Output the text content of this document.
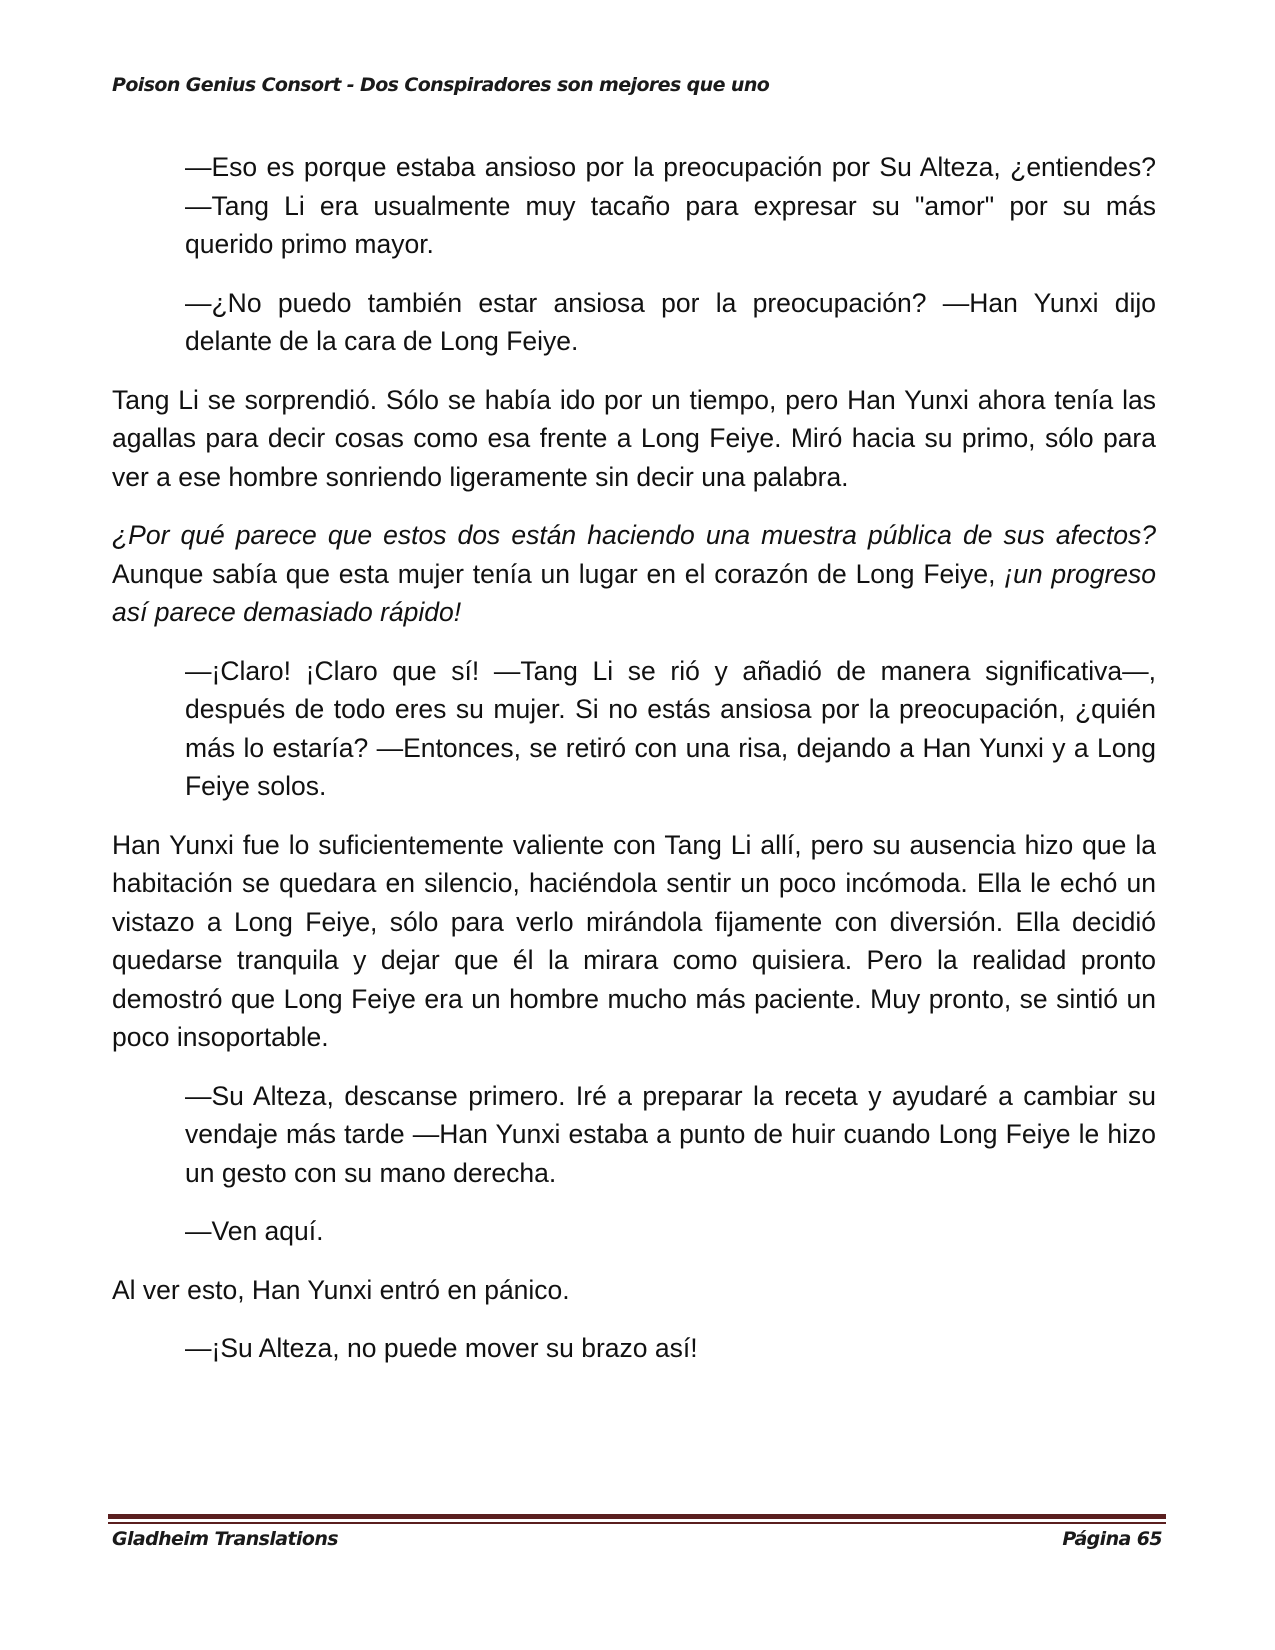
Poison Genius Consort - Dos Conspiradores son mejores que uno

—Eso es porque estaba ansioso por la preocupación por Su Alteza, ¿entiendes? —Tang Li era usualmente muy tacaño para expresar su "amor" por su más querido primo mayor.

—¿No puedo también estar ansiosa por la preocupación? —Han Yunxi dijo delante de la cara de Long Feiye.

Tang Li se sorprendió. Sólo se había ido por un tiempo, pero Han Yunxi ahora tenía las agallas para decir cosas como esa frente a Long Feiye. Miró hacia su primo, sólo para ver a ese hombre sonriendo ligeramente sin decir una palabra.

¿Por qué parece que estos dos están haciendo una muestra pública de sus afectos? Aunque sabía que esta mujer tenía un lugar en el corazón de Long Feiye, ¡un progreso así parece demasiado rápido!

—¡Claro! ¡Claro que sí! —Tang Li se rió y añadió de manera significativa—, después de todo eres su mujer. Si no estás ansiosa por la preocupación, ¿quién más lo estaría? —Entonces, se retiró con una risa, dejando a Han Yunxi y a Long Feiye solos.

Han Yunxi fue lo suficientemente valiente con Tang Li allí, pero su ausencia hizo que la habitación se quedara en silencio, haciéndola sentir un poco incómoda. Ella le echó un vistazo a Long Feiye, sólo para verlo mirándola fijamente con diversión. Ella decidió quedarse tranquila y dejar que él la mirara como quisiera. Pero la realidad pronto demostró que Long Feiye era un hombre mucho más paciente. Muy pronto, se sintió un poco insoportable.

—Su Alteza, descanse primero. Iré a preparar la receta y ayudaré a cambiar su vendaje más tarde —Han Yunxi estaba a punto de huir cuando Long Feiye le hizo un gesto con su mano derecha.

—Ven aquí.

Al ver esto, Han Yunxi entró en pánico.

—¡Su Alteza, no puede mover su brazo así!

Gladheim Translations	Página 65
